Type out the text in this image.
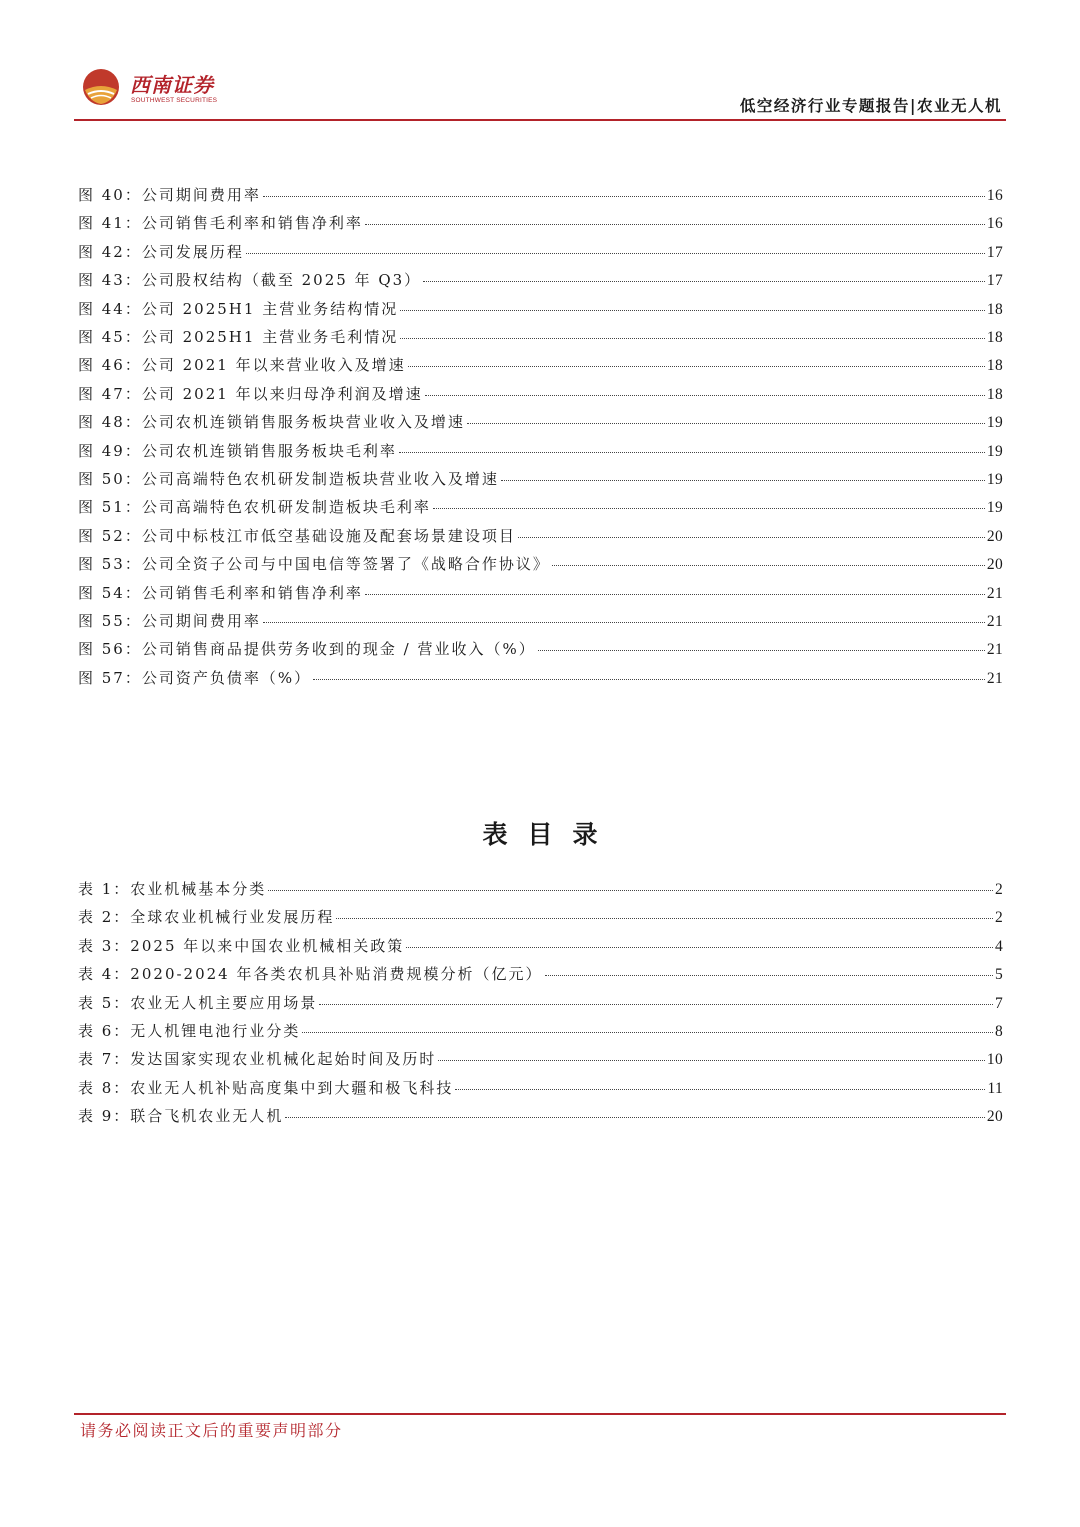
西南证券
SOUTHWEST SECURITIES	低空经济行业专题报告|农业无人机
图 40：公司期间费用率	16
图 41：公司销售毛利率和销售净利率	16
图 42：公司发展历程	17
图 43：公司股权结构（截至 2025 年 Q3）	17
图 44：公司 2025H1 主营业务结构情况	18
图 45：公司 2025H1 主营业务毛利情况	18
图 46：公司 2021 年以来营业收入及增速	18
图 47：公司 2021 年以来归母净利润及增速	18
图 48：公司农机连锁销售服务板块营业收入及增速	19
图 49：公司农机连锁销售服务板块毛利率	19
图 50：公司高端特色农机研发制造板块营业收入及增速	19
图 51：公司高端特色农机研发制造板块毛利率	19
图 52：公司中标枝江市低空基础设施及配套场景建设项目	20
图 53：公司全资子公司与中国电信等签署了《战略合作协议》	20
图 54：公司销售毛利率和销售净利率	21
图 55：公司期间费用率	21
图 56：公司销售商品提供劳务收到的现金 / 营业收入（%）	21
图 57：公司资产负债率（%）	21
表目录
表 1：农业机械基本分类	2
表 2：全球农业机械行业发展历程	2
表 3：2025 年以来中国农业机械相关政策	4
表 4：2020-2024 年各类农机具补贴消费规模分析（亿元）	5
表 5：农业无人机主要应用场景	7
表 6：无人机锂电池行业分类	8
表 7：发达国家实现农业机械化起始时间及历时	10
表 8：农业无人机补贴高度集中到大疆和极飞科技	11
表 9：联合飞机农业无人机	20
请务必阅读正文后的重要声明部分
